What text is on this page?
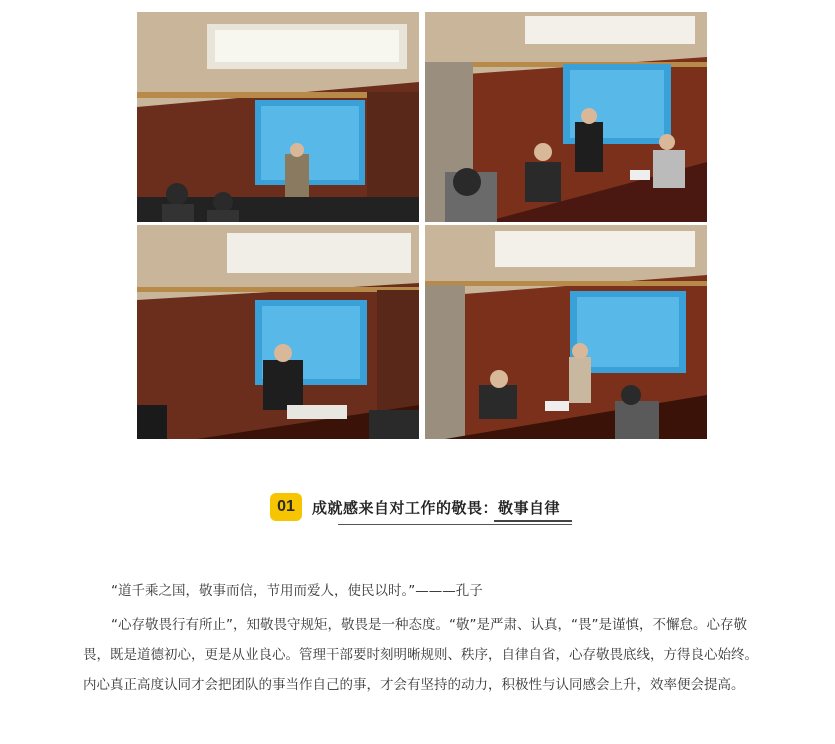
01	成就感来自对工作的敬畏：敬事自律
“道千乘之国，敬事而信，节用而爱人，使民以时。”———孔子
“心存敬畏行有所止”，知敬畏守规矩，敬畏是一种态度。“敬”是严肃、认真，“畏”是谨慎，不懈怠。心存敬畏，既是道德初心，更是从业良心。管理干部要时刻明晰规则、秩序，自律自省，心存敬畏底线，方得良心始终。内心真正高度认同才会把团队的事当作自己的事，才会有坚持的动力，积极性与认同感会上升，效率便会提高。
